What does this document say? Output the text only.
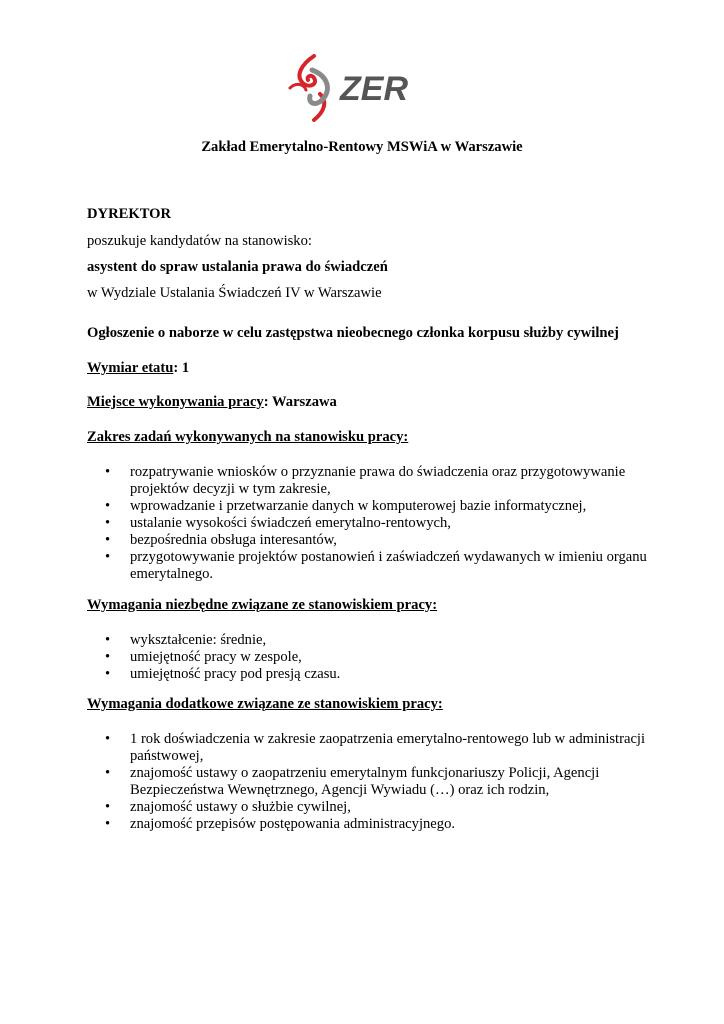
ZER
Zakład Emerytalno-Rentowy MSWiA w Warszawie
DYREKTOR
poszukuje kandydatów na stanowisko:
asystent do spraw ustalania prawa do świadczeń
w Wydziale Ustalania Świadczeń IV w Warszawie
Ogłoszenie o naborze w celu zastępstwa nieobecnego członka korpusu służby cywilnej
Wymiar etatu: 1
Miejsce wykonywania pracy: Warszawa
Zakres zadań wykonywanych na stanowisku pracy:
• rozpatrywanie wniosków o przyznanie prawa do świadczenia oraz przygotowywanie projektów decyzji w tym zakresie,
• wprowadzanie i przetwarzanie danych w komputerowej bazie informatycznej,
• ustalanie wysokości świadczeń emerytalno-rentowych,
• bezpośrednia obsługa interesantów,
• przygotowywanie projektów postanowień i zaświadczeń wydawanych w imieniu organu emerytalnego.
Wymagania niezbędne związane ze stanowiskiem pracy:
• wykształcenie: średnie,
• umiejętność pracy w zespole,
• umiejętność pracy pod presją czasu.
Wymagania dodatkowe związane ze stanowiskiem pracy:
• 1 rok doświadczenia w zakresie zaopatrzenia emerytalno-rentowego lub w administracji państwowej,
• znajomość ustawy o zaopatrzeniu emerytalnym funkcjonariuszy Policji, Agencji Bezpieczeństwa Wewnętrznego, Agencji Wywiadu (…) oraz ich rodzin,
• znajomość ustawy o służbie cywilnej,
• znajomość przepisów postępowania administracyjnego.
